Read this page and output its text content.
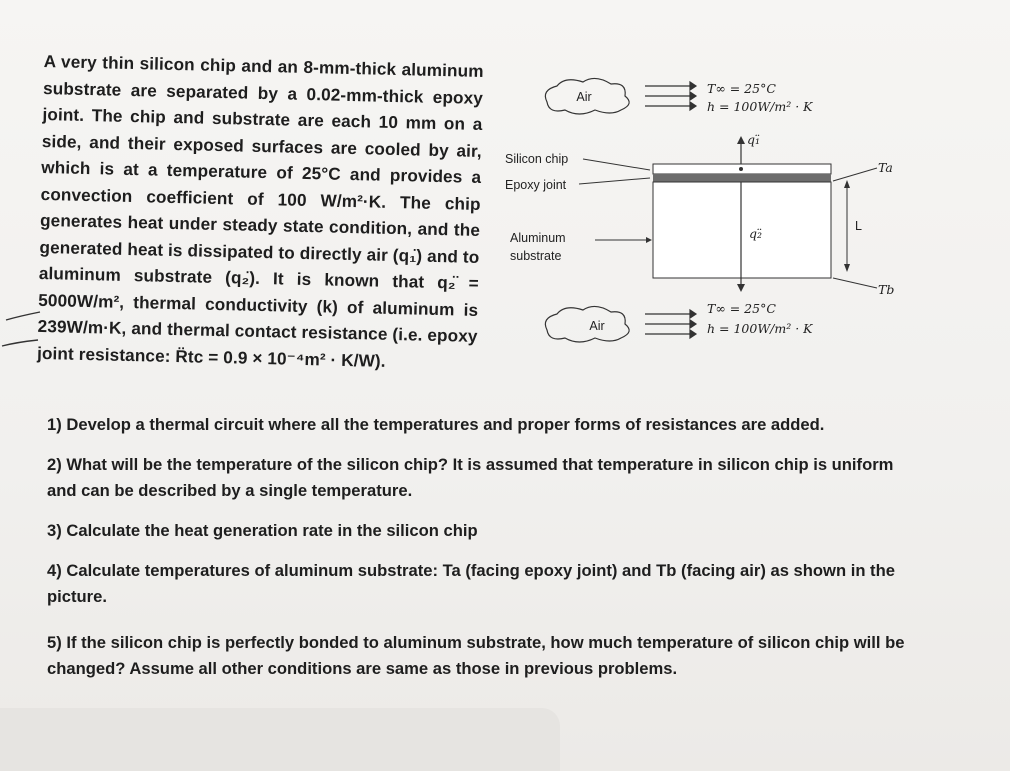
A very thin silicon chip and an 8-mm-thick aluminum
substrate are separated by a 0.02-mm-thick epoxy
joint. The chip and substrate are each 10 mm on a
side, and their exposed surfaces are cooled by air,
which is at a temperature of 25°C and provides a
convection coefficient of 100 W/m²·K. The chip
generates heat under steady state condition, and the
generated heat is dissipated to directly air (q₁̈) and to
aluminum substrate (q₂̈). It is known that q₂̈ =
5000W/m², thermal conductivity (k) of aluminum is
239W/m·K, and thermal contact resistance (i.e. epoxy
joint resistance: R̈tc = 0.9 × 10⁻⁴m² · K/W).
Air
T∞ = 25°C
h = 100W/m² · K
q₁̈
q₂̈
Silicon chip
Epoxy joint
Aluminum
substrate
L
Ta
Tb
Air
T∞ = 25°C
h = 100W/m² · K

1) Develop a thermal circuit where all the temperatures and proper forms of resistances are added.

2) What will be the temperature of the silicon chip? It is assumed that temperature in silicon chip is uniform and can be described by a single temperature.

3) Calculate the heat generation rate in the silicon chip

4) Calculate temperatures of aluminum substrate: Ta (facing epoxy joint) and Tb (facing air) as shown in the picture.

5) If the silicon chip is perfectly bonded to aluminum substrate, how much temperature of silicon chip will be changed? Assume all other conditions are same as those in previous problems.
